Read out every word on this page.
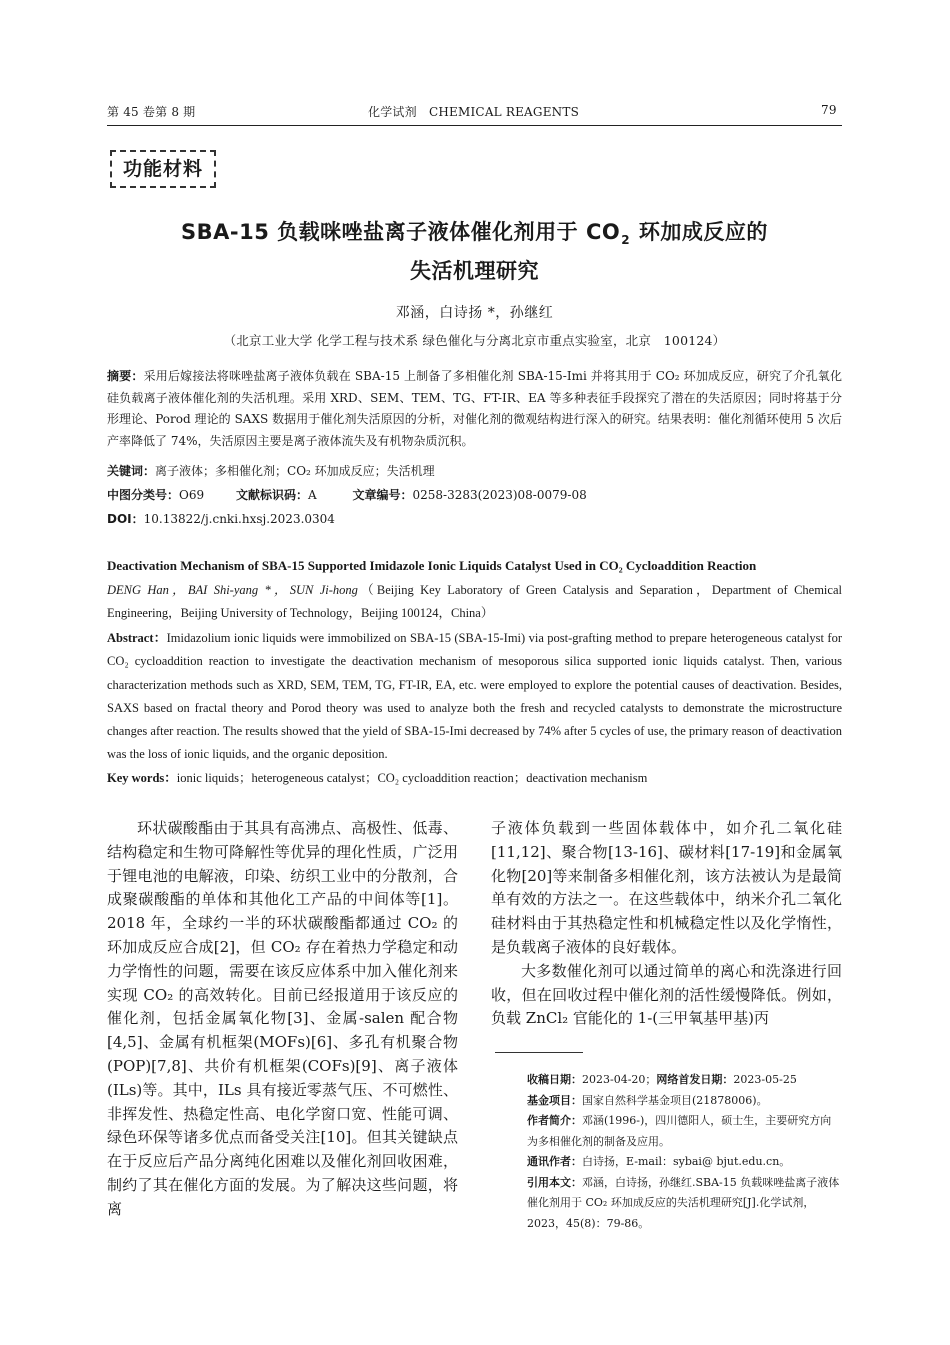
第 45 卷第 8 期	化学试剂　CHEMICAL REAGENTS	79
功能材料
SBA-15 负载咪唑盐离子液体催化剂用于 $CO_2$ 环加成反应的
失活机理研究
邓涵，白诗扬 *，孙继红
（北京工业大学 化学工程与技术系 绿色催化与分离北京市重点实验室，北京　100124）
摘要：采用后嫁接法将咪唑盐离子液体负载在 SBA-15 上制备了多相催化剂 SBA-15-Imi 并将其用于 CO₂ 环加成反应，研究了介孔氧化硅负载离子液体催化剂的失活机理。采用 XRD、SEM、TEM、TG、FT-IR、EA 等多种表征手段探究了潜在的失活原因；同时将基于分形理论、Porod 理论的 SAXS 数据用于催化剂失活原因的分析，对催化剂的微观结构进行深入的研究。结果表明：催化剂循环使用 5 次后产率降低了 74%，失活原因主要是离子液体流失及有机物杂质沉积。
关键词：离子液体；多相催化剂；CO₂ 环加成反应；失活机理
中图分类号：O69	文献标识码：A	文章编号：0258-3283(2023)08-0079-08
DOI：10.13822/j.cnki.hxsj.2023.0304
Deactivation Mechanism of SBA-15 Supported Imidazole Ionic Liquids Catalyst Used in CO₂ Cycloaddition Reaction
DENG Han，BAI Shi-yang *，SUN Ji-hong（Beijing Key Laboratory of Green Catalysis and Separation，Department of Chemical Engineering，Beijing University of Technology，Beijing 100124，China）
Abstract：Imidazolium ionic liquids were immobilized on SBA-15 (SBA-15-Imi) via post-grafting method to prepare heterogeneous catalyst for CO₂ cycloaddition reaction to investigate the deactivation mechanism of mesoporous silica supported ionic liquids catalyst. Then, various characterization methods such as XRD, SEM, TEM, TG, FT-IR, EA, etc. were employed to explore the potential causes of deactivation. Besides, SAXS based on fractal theory and Porod theory was used to analyze both the fresh and recycled catalysts to demonstrate the microstructure changes after reaction. The results showed that the yield of SBA-15-Imi decreased by 74% after 5 cycles of use, the primary reason of deactivation was the loss of ionic liquids, and the organic deposition.
Key words：ionic liquids；heterogeneous catalyst；CO₂ cycloaddition reaction；deactivation mechanism

环状碳酸酯由于其具有高沸点、高极性、低毒、结构稳定和生物可降解性等优异的理化性质，广泛用于锂电池的电解液，印染、纺织工业中的分散剂，合成聚碳酸酯的单体和其他化工产品的中间体等[1]。2018 年，全球约一半的环状碳酸酯都通过 CO₂ 的环加成反应合成[2]，但 CO₂ 存在着热力学稳定和动力学惰性的问题，需要在该反应体系中加入催化剂来实现 CO₂ 的高效转化。目前已经报道用于该反应的催化剂，包括金属氧化物[3]、金属-salen 配合物[4,5]、金属有机框架(MOFs)[6]、多孔有机聚合物(POP)[7,8]、共价有机框架(COFs)[9]、离子液体(ILs)等。其中，ILs 具有接近零蒸气压、不可燃性、非挥发性、热稳定性高、电化学窗口宽、性能可调、绿色环保等诸多优点而备受关注[10]。但其关键缺点在于反应后产品分离纯化困难以及催化剂回收困难，制约了其在催化方面的发展。为了解决这些问题，将离

子液体负载到一些固体载体中，如介孔二氧化硅[11,12]、聚合物[13-16]、碳材料[17-19]和金属氧化物[20]等来制备多相催化剂，该方法被认为是最简单有效的方法之一。在这些载体中，纳米介孔二氧化硅材料由于其热稳定性和机械稳定性以及化学惰性，是负载离子液体的良好载体。

大多数催化剂可以通过简单的离心和洗涤进行回收，但在回收过程中催化剂的活性缓慢降低。例如，负载 ZnCl₂ 官能化的 1-(三甲氧基甲基)丙

收稿日期：2023-04-20；网络首发日期：2023-05-25
基金项目：国家自然科学基金项目(21878006)。
作者简介：邓涵(1996-)，四川德阳人，硕士生，主要研究方向为多相催化剂的制备及应用。
通讯作者：白诗扬，E-mail：sybai@ bjut.edu.cn。
引用本文：邓涵，白诗扬，孙继红.SBA-15 负载咪唑盐离子液体催化剂用于 CO₂ 环加成反应的失活机理研究[J].化学试剂，2023，45(8)：79-86。
